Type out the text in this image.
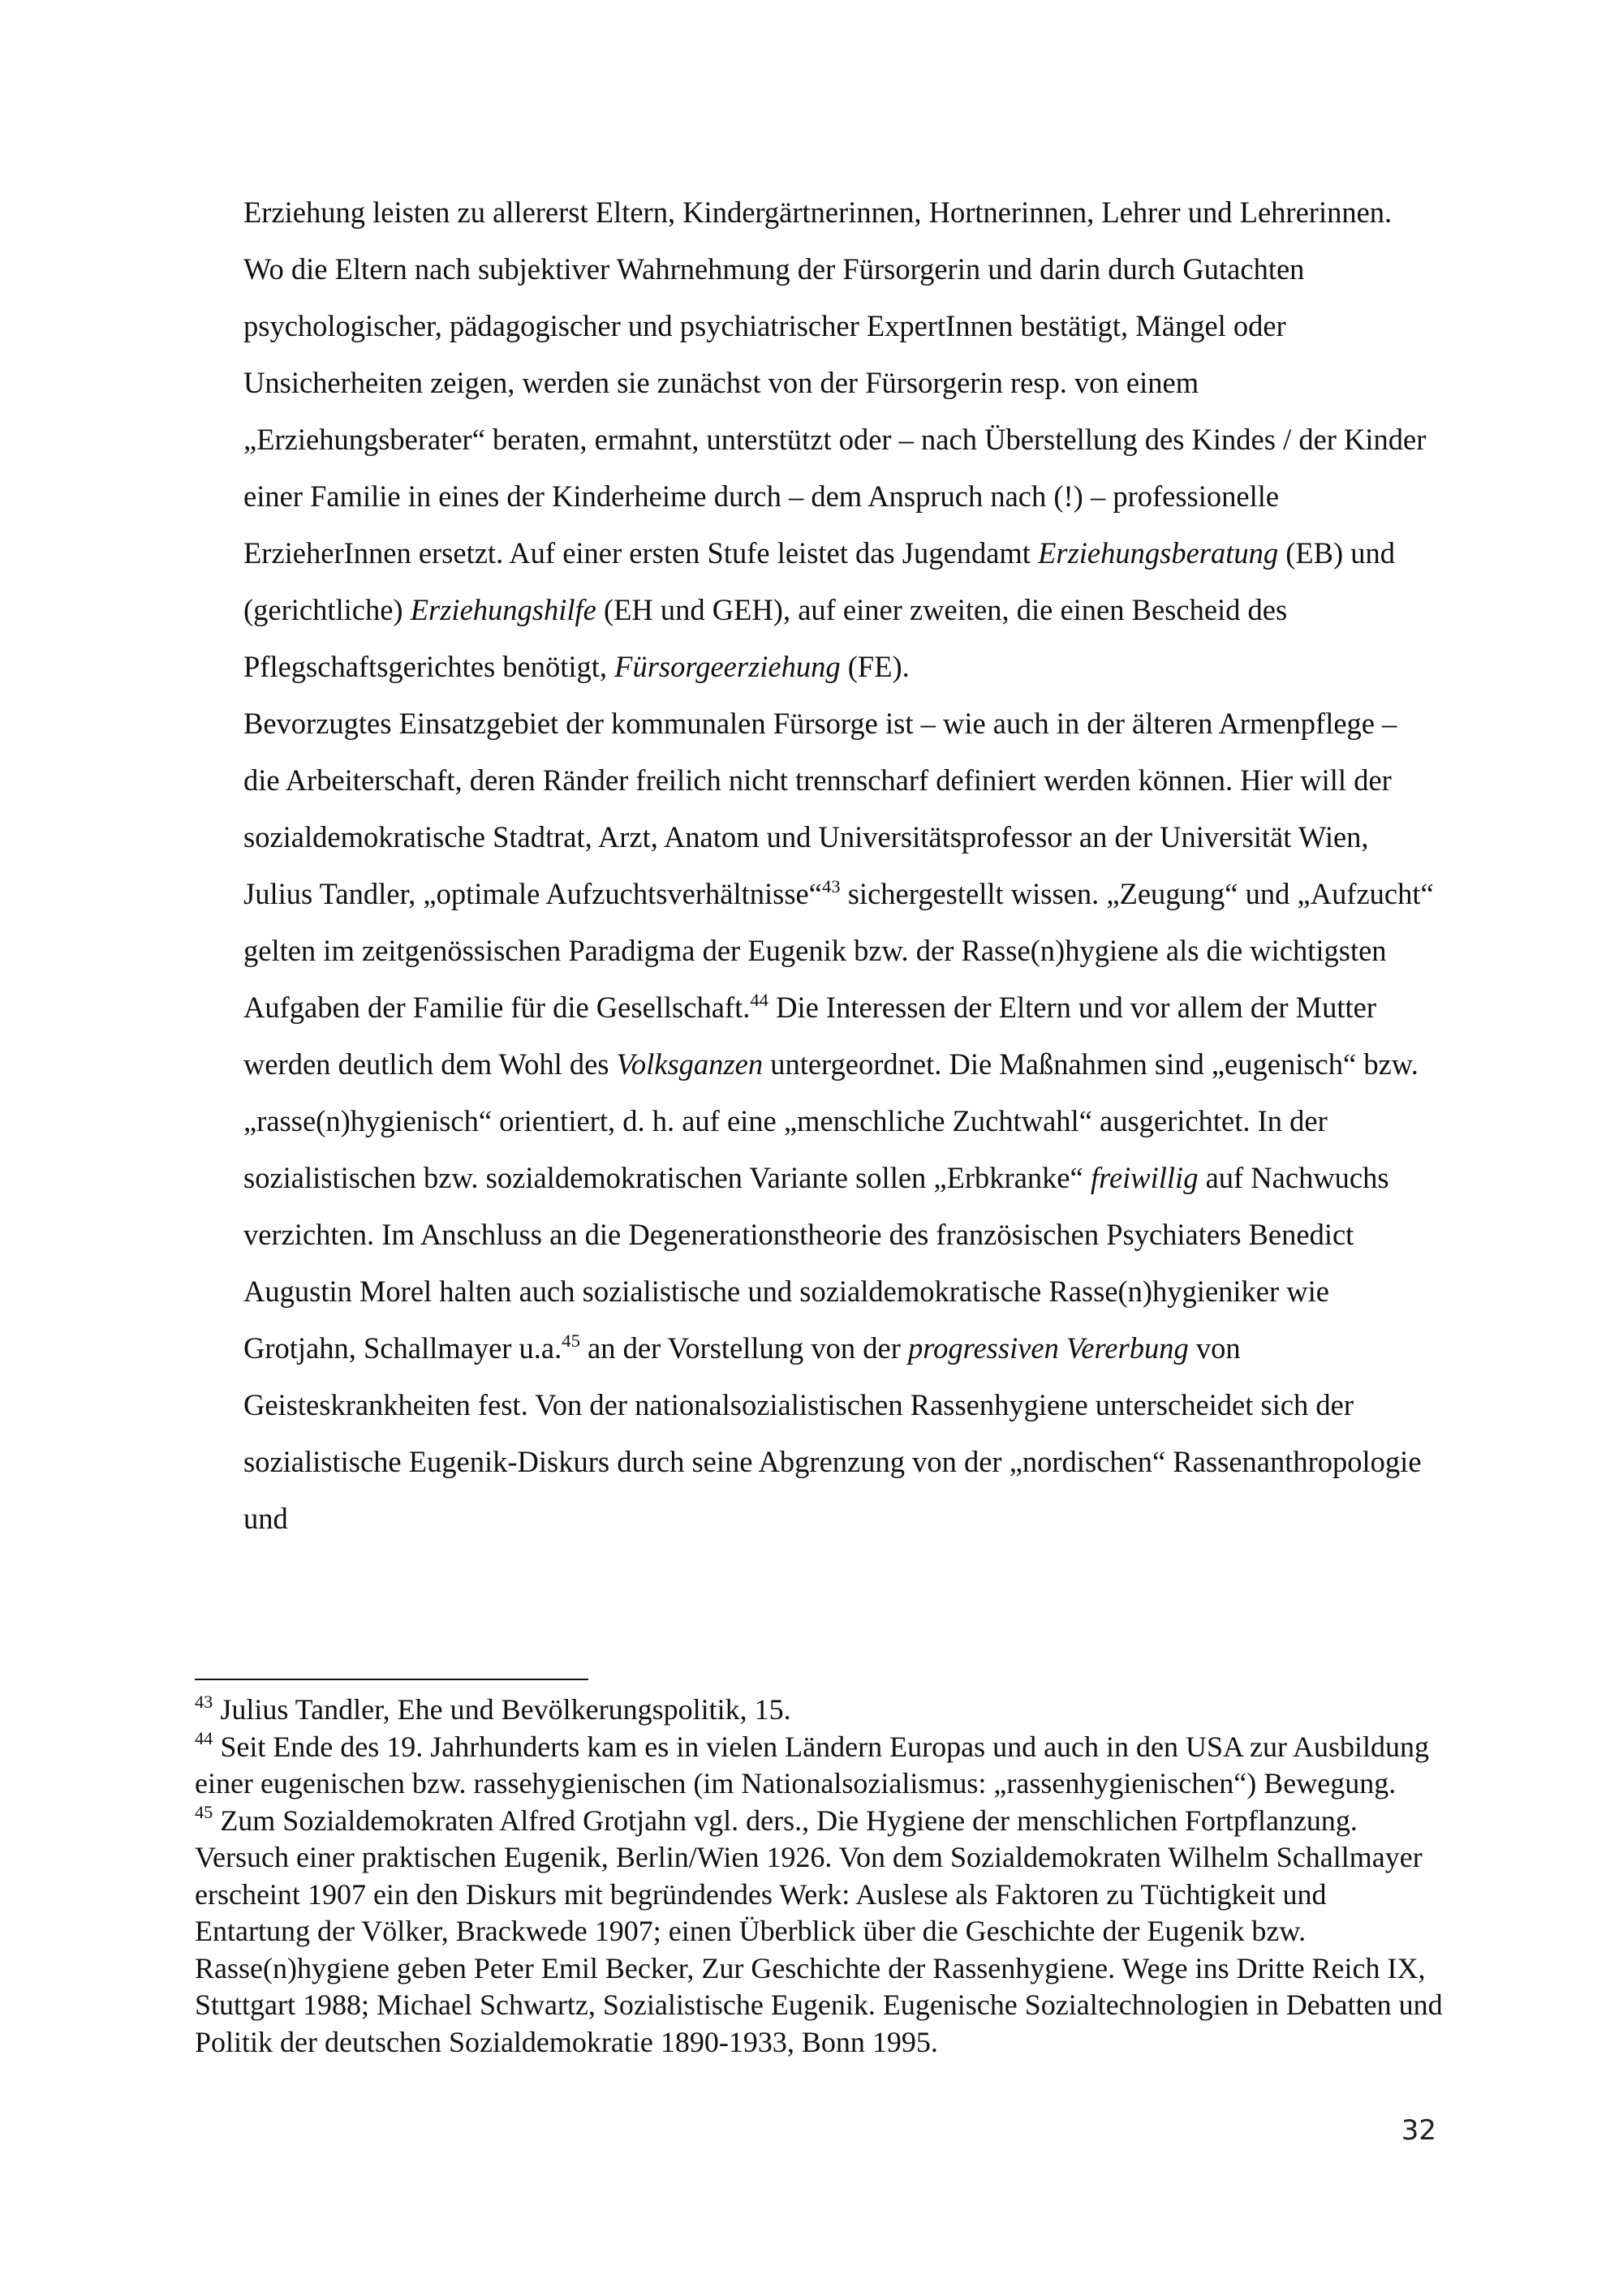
Erziehung leisten zu allererst Eltern, Kindergärtnerinnen, Hortnerinnen, Lehrer und Lehrerinnen. Wo die Eltern nach subjektiver Wahrnehmung der Fürsorgerin und darin durch Gutachten psychologischer, pädagogischer und psychiatrischer ExpertInnen bestätigt, Mängel oder Unsicherheiten zeigen, werden sie zunächst von der Fürsorgerin resp. von einem „Erziehungsberater“ beraten, ermahnt, unterstützt oder – nach Überstellung des Kindes / der Kinder einer Familie in eines der Kinderheime durch – dem Anspruch nach (!) – professionelle ErzieherInnen ersetzt. Auf einer ersten Stufe leistet das Jugendamt Erziehungsberatung (EB) und (gerichtliche) Erziehungshilfe (EH und GEH), auf einer zweiten, die einen Bescheid des Pflegschaftsgerichtes benötigt, Fürsorgeerziehung (FE).

Bevorzugtes Einsatzgebiet der kommunalen Fürsorge ist – wie auch in der älteren Armenpflege – die Arbeiterschaft, deren Ränder freilich nicht trennscharf definiert werden können. Hier will der sozialdemokratische Stadtrat, Arzt, Anatom und Universitätsprofessor an der Universität Wien, Julius Tandler, „optimale Aufzuchtsverhältnisse“$^{43}$ sichergestellt wissen. „Zeugung“ und „Aufzucht“ gelten im zeitgenössischen Paradigma der Eugenik bzw. der Rasse(n)hygiene als die wichtigsten Aufgaben der Familie für die Gesellschaft.$^{44}$ Die Interessen der Eltern und vor allem der Mutter werden deutlich dem Wohl des Volksganzen untergeordnet. Die Maßnahmen sind „eugenisch“ bzw. „rasse(n)hygienisch“ orientiert, d. h. auf eine „menschliche Zuchtwahl“ ausgerichtet. In der sozialistischen bzw. sozialdemokratischen Variante sollen „Erbkranke“ freiwillig auf Nachwuchs verzichten. Im Anschluss an die Degenerationstheorie des französischen Psychiaters Benedict Augustin Morel halten auch sozialistische und sozialdemokratische Rasse(n)hygieniker wie Grotjahn, Schallmayer u.a.$^{45}$ an der Vorstellung von der progressiven Vererbung von Geisteskrankheiten fest. Von der nationalsozialistischen Rassenhygiene unterscheidet sich der sozialistische Eugenik-Diskurs durch seine Abgrenzung von der „nordischen“ Rassenanthropologie und

$^{43}$ Julius Tandler, Ehe und Bevölkerungspolitik, 15.

$^{44}$ Seit Ende des 19. Jahrhunderts kam es in vielen Ländern Europas und auch in den USA zur Ausbildung einer eugenischen bzw. rassehygienischen (im Nationalsozialismus: „rassenhygienischen“) Bewegung.

$^{45}$ Zum Sozialdemokraten Alfred Grotjahn vgl. ders., Die Hygiene der menschlichen Fortpflanzung. Versuch einer praktischen Eugenik, Berlin/Wien 1926. Von dem Sozialdemokraten Wilhelm Schallmayer erscheint 1907 ein den Diskurs mit begründendes Werk: Auslese als Faktoren zu Tüchtigkeit und Entartung der Völker, Brackwede 1907; einen Überblick über die Geschichte der Eugenik bzw. Rasse(n)hygiene geben Peter Emil Becker, Zur Geschichte der Rassenhygiene. Wege ins Dritte Reich IX, Stuttgart 1988; Michael Schwartz, Sozialistische Eugenik. Eugenische Sozialtechnologien in Debatten und Politik der deutschen Sozialdemokratie 1890-1933, Bonn 1995.

32
